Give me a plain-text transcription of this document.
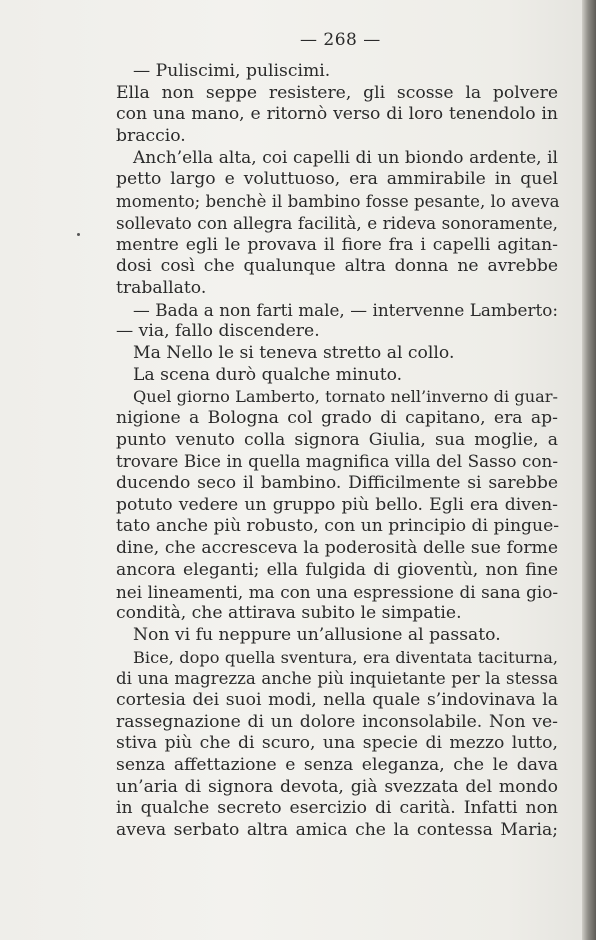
— 268 —
— Puliscimi, puliscimi.
Ella non seppe resistere, gli scosse la polvere
con una mano, e ritornò verso di loro tenendolo in
braccio.
Anch’ella alta, coi capelli di un biondo ardente, il
petto largo e voluttuoso, era ammirabile in quel
momento; benchè il bambino fosse pesante, lo aveva
sollevato con allegra facilità, e rideva sonoramente,
mentre egli le provava il fiore fra i capelli agitan-
dosi così che qualunque altra donna ne avrebbe
traballato.
— Bada a non farti male, — intervenne Lamberto:
— via, fallo discendere.
Ma Nello le si teneva stretto al collo.
La scena durò qualche minuto.
Quel giorno Lamberto, tornato nell’inverno di guar-
nigione a Bologna col grado di capitano, era ap-
punto venuto colla signora Giulia, sua moglie, a
trovare Bice in quella magnifica villa del Sasso con-
ducendo seco il bambino. Difficilmente si sarebbe
potuto vedere un gruppo più bello. Egli era diven-
tato anche più robusto, con un principio di pingue-
dine, che accresceva la poderosità delle sue forme
ancora eleganti; ella fulgida di gioventù, non fine
nei lineamenti, ma con una espressione di sana gio-
condità, che attirava subito le simpatie.
Non vi fu neppure un’allusione al passato.
Bice, dopo quella sventura, era diventata taciturna,
di una magrezza anche più inquietante per la stessa
cortesia dei suoi modi, nella quale s’indovinava la
rassegnazione di un dolore inconsolabile. Non ve-
stiva più che di scuro, una specie di mezzo lutto,
senza affettazione e senza eleganza, che le dava
un’aria di signora devota, già svezzata del mondo
in qualche secreto esercizio di carità. Infatti non
aveva serbato altra amica che la contessa Maria;
